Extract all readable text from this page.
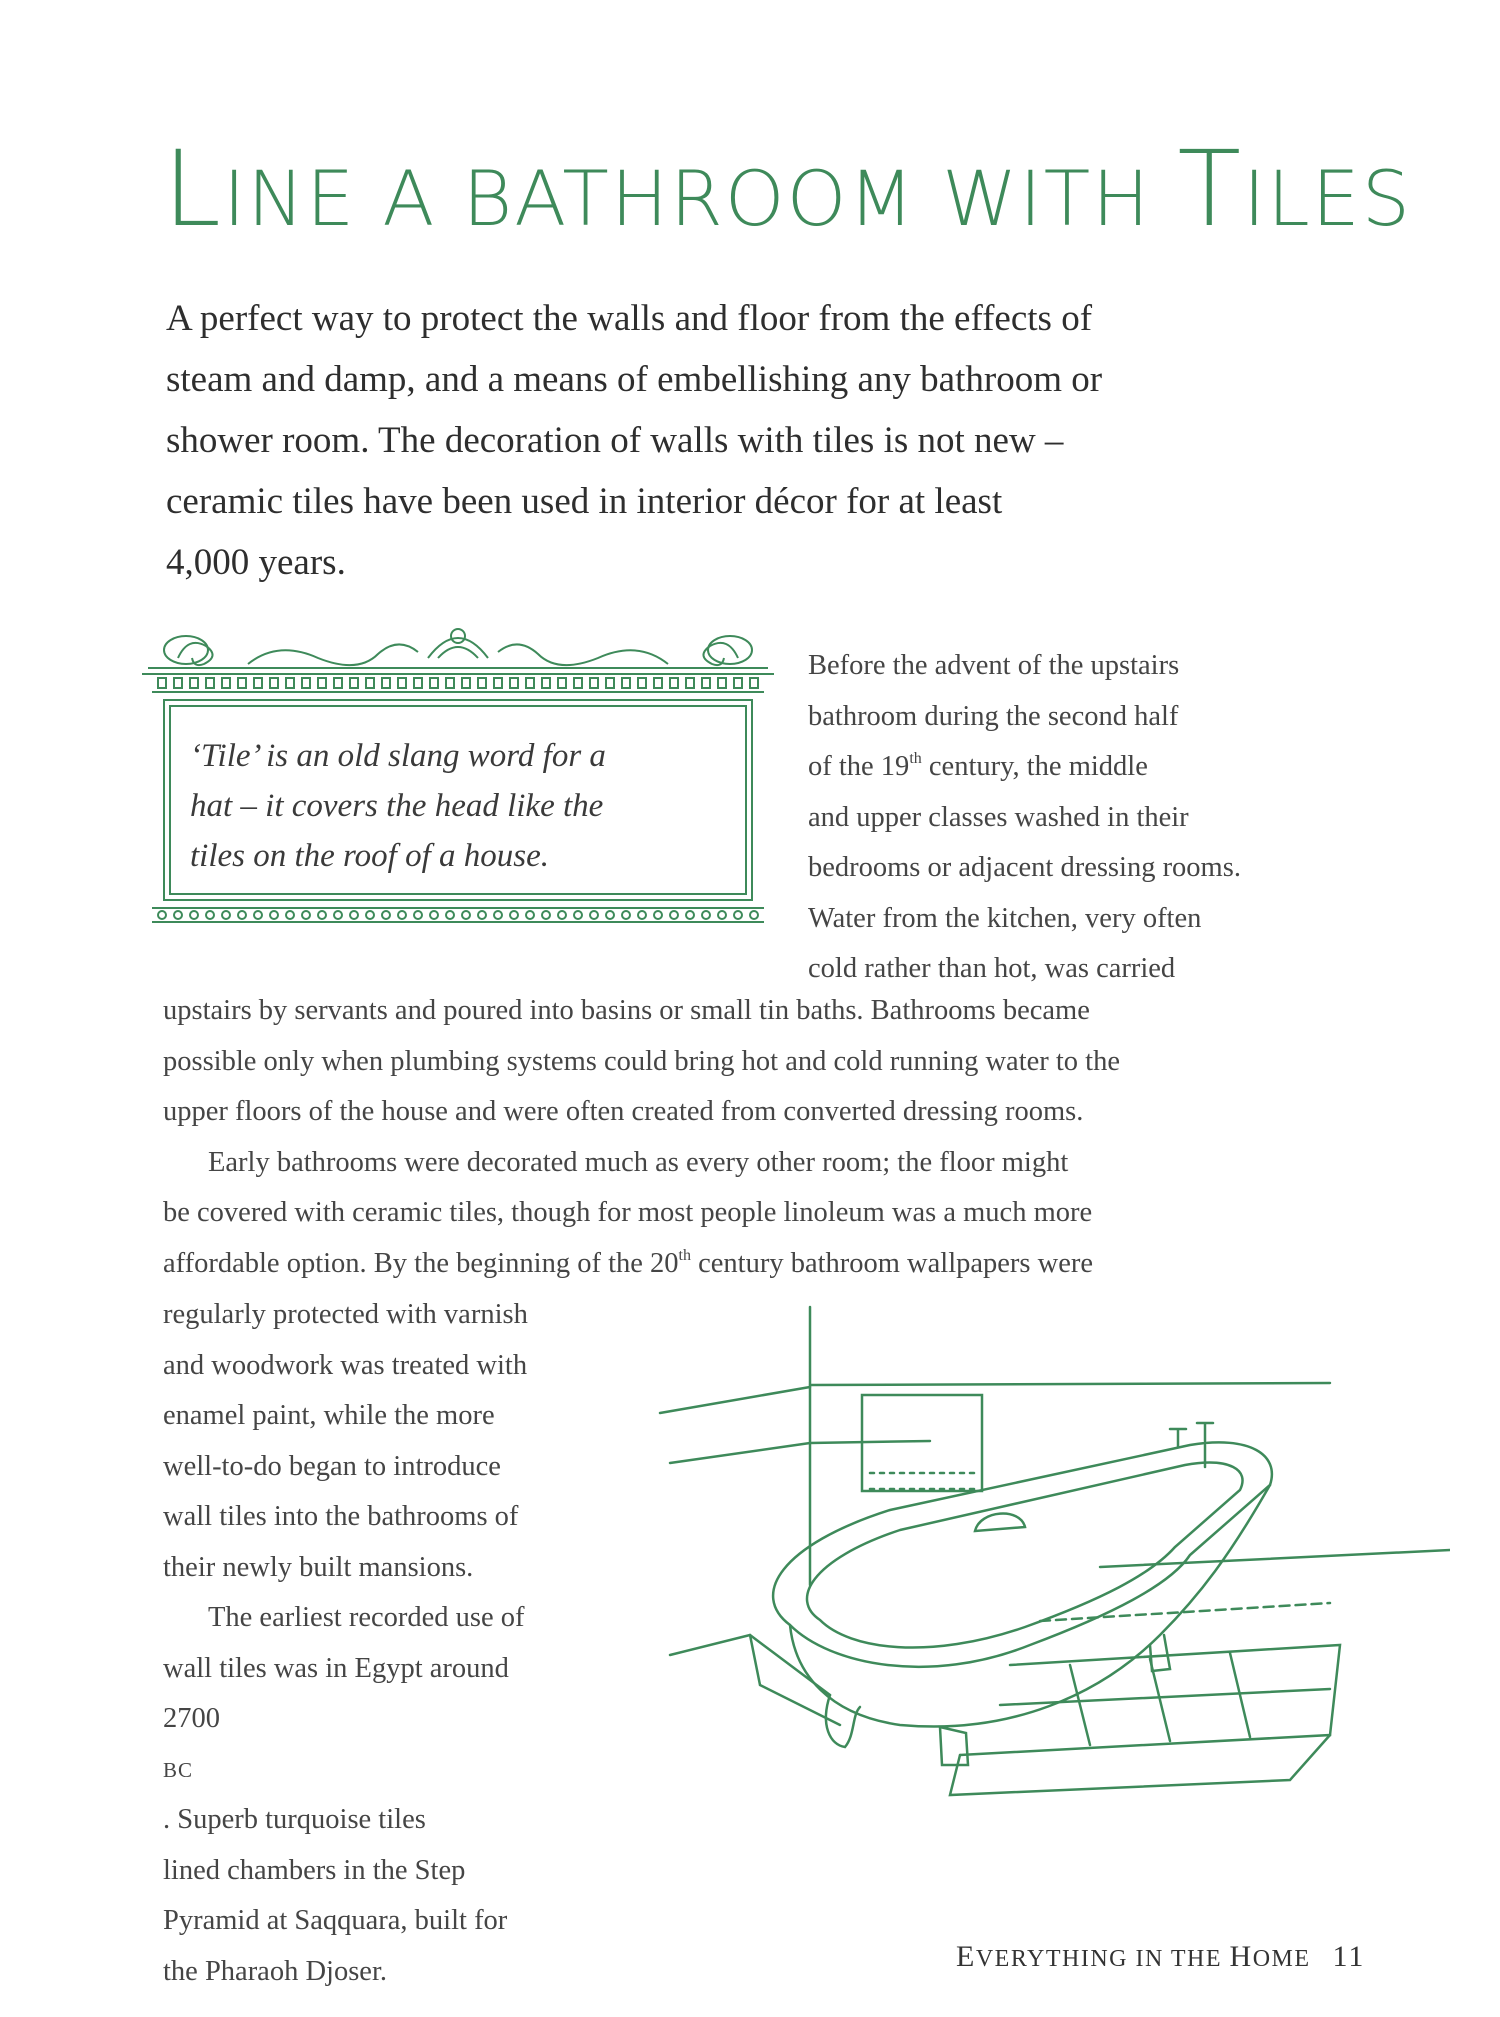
LINE A BATHROOM WITH TILES
A perfect way to protect the walls and floor from the effects of
steam and damp, and a means of embellishing any bathroom or
shower room. The decoration of walls with tiles is not new –
ceramic tiles have been used in interior décor for at least
4,000 years.
‘Tile’ is an old slang word for a
hat – it covers the head like the
tiles on the roof of a house.
Before the advent of the upstairs
bathroom during the second half
of the 19th century, the middle
and upper classes washed in their
bedrooms or adjacent dressing rooms.
Water from the kitchen, very often
cold rather than hot, was carried
upstairs by servants and poured into basins or small tin baths. Bathrooms became
possible only when plumbing systems could bring hot and cold running water to the
upper floors of the house and were often created from converted dressing rooms.
Early bathrooms were decorated much as every other room; the floor might
be covered with ceramic tiles, though for most people linoleum was a much more
affordable option. By the beginning of the 20th century bathroom wallpapers were
regularly protected with varnish
and woodwork was treated with
enamel paint, while the more
well-to-do began to introduce
wall tiles into the bathrooms of
their newly built mansions.
The earliest recorded use of
wall tiles was in Egypt around
2700
BC
. Superb turquoise tiles
lined chambers in the Step
Pyramid at Saqquara, built for
the Pharaoh Djoser.	EVERYTHING IN THE HOME 11
